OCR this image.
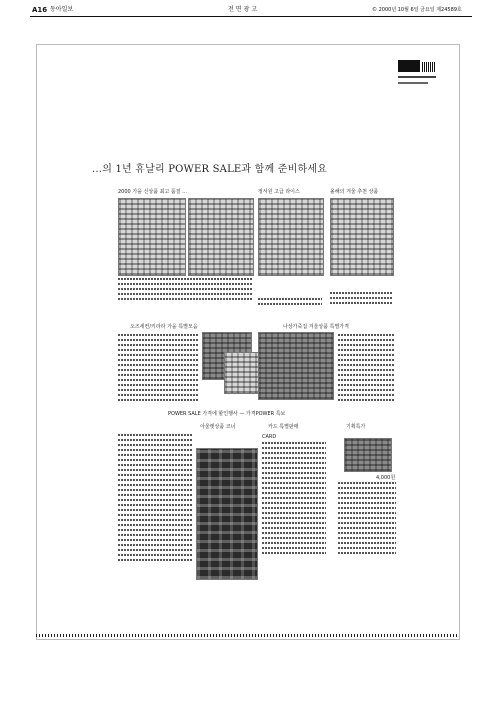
A16 동아일보	전면광고	© 2000년 10월 6일 금요일 제24589호
…의 1년 휴날리 POWER SALE과 함께 준비하세요
2000 가을 신상품 최고 품질 …	정서원 고급 라이스	올해의 겨울 추천 상품
오즈세컨/키라라 가을 특별모음	나상가죽집 겨울상품 특별가격
POWER SALE 가격에 할인행사 — 가격POWER 특보
아울렛상품 코너	카드 특별판매	기획특가
CARD
4,000원
